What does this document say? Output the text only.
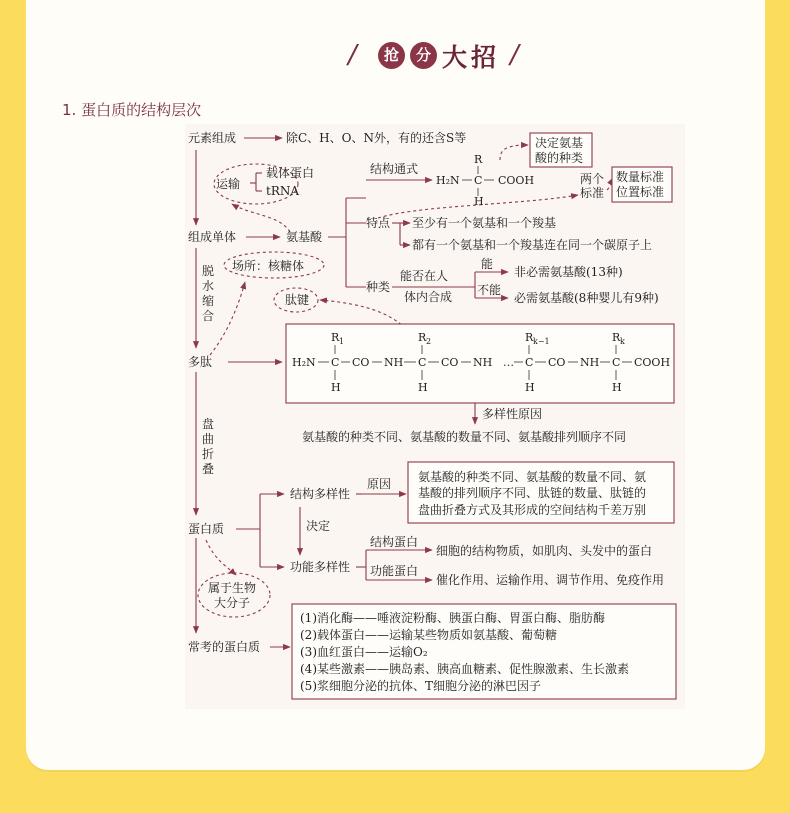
/	抢	分 大 招 /
1. 蛋白质的结构层次
元素组成	除C、H、O、N外，有的还含S等	决定氨基
酸的种类
结构通式
R
H₂N C COOH
H
两个
标准
数量标准
位置标准
运输
载体蛋白
tRNA
组成单体	氨基酸
特点 至少有一个氨基和一个羧基
都有一个氨基和一个羧基连在同一个碳原子上
脱
水
缩
合
场所：核糖体
种类
能否在人
体内合成
能
不能
非必需氨基酸(13种)
必需氨基酸(8种婴儿有9种)
肽键
多肽
R 1	R 2	R k−1	R k
H₂N C CO NH C CO NH … C CO NH C COOH
H	H	H	H
多样性原因
氨基酸的种类不同、氨基酸的数量不同、氨基酸排列顺序不同
盘
曲
折
叠
蛋白质
结构多样性
原因 氨基酸的种类不同、氨基酸的数量不同、氨
基酸的排列顺序不同、肽链的数量、肽链的
盘曲折叠方式及其形成的空间结构千差万别
决定
功能多样性
结构蛋白
细胞的结构物质，如肌肉、头发中的蛋白
功能蛋白
催化作用、运输作用、调节作用、免疫作用
属于生物
大分子
常考的蛋白质
(1)消化酶——唾液淀粉酶、胰蛋白酶、胃蛋白酶、脂肪酶
(2)载体蛋白——运输某些物质如氨基酸、葡萄糖
(3)血红蛋白——运输O₂
(4)某些激素——胰岛素、胰高血糖素、促性腺激素、生长激素
(5)浆细胞分泌的抗体、T细胞分泌的淋巴因子
